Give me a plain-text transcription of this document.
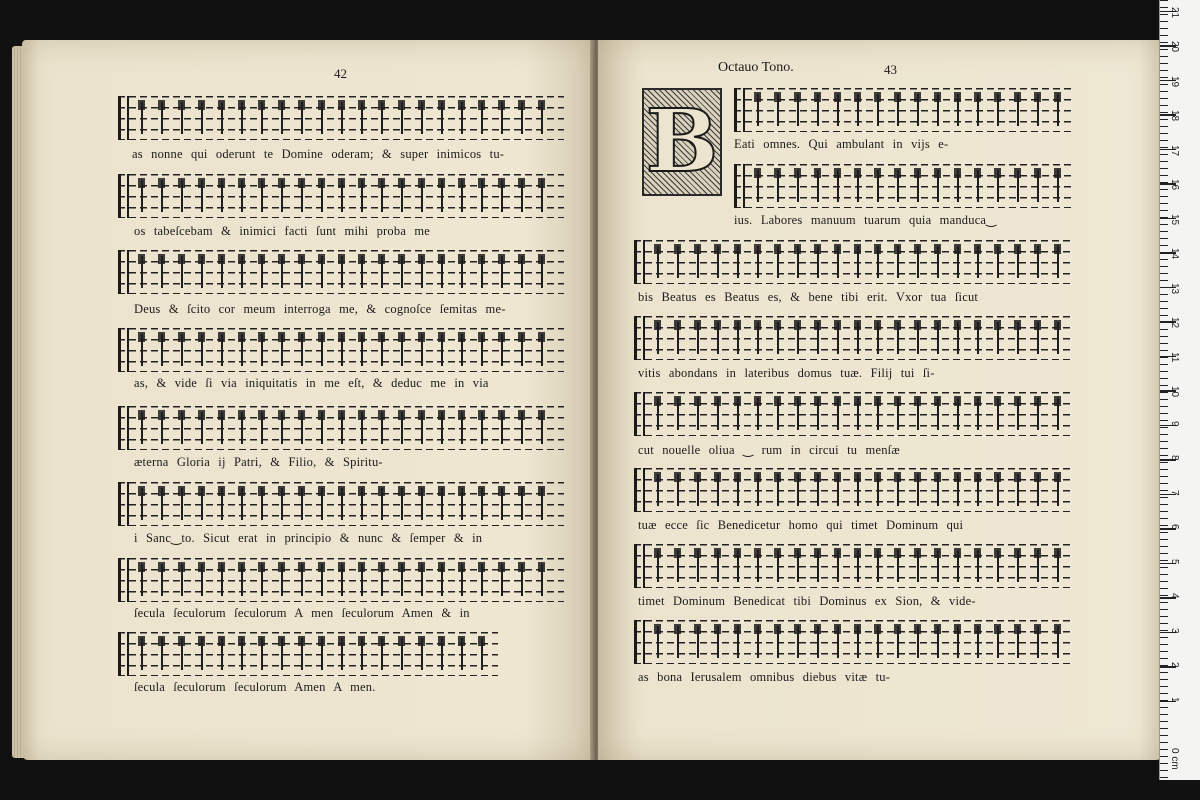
42
as nonne qui oderunt te Domine oderam; & super inimicos tu-
os tabeſcebam & inimici facti ſunt mihi proba me
Deus & ſcito cor meum interroga me, & cognoſce ſemitas me-
as, & vide ſi via iniquitatis in me eſt, & deduc me in via
æterna Gloria ij Patri, & Filio, & Spiritu-
i Sanc‿to. Sicut erat in principio & nunc & ſemper & in
ſecula ſeculorum ſeculorum A men ſeculorum Amen & in
ſecula ſeculorum ſeculorum Amen A men.
Octauo Tono.	43
B Eati omnes. Qui ambulant in vijs e-
ius. Labores manuum tuarum quia manduca‿
bis Beatus es Beatus es, & bene tibi erit. Vxor tua ſicut
vitis abondans in lateribus domus tuæ. Filij tui ſi-
cut nouelle oliua ‿ rum in circui tu menſæ
tuæ ecce ſic Benedicetur homo qui timet Dominum qui
timet Dominum Benedicat tibi Dominus ex Sion, & vide-
as bona Ierusalem omnibus diebus vitæ tu-
0 cm
1
2
3
4
5
6
7
8
9
10
11
12
13
14
15
16
17
18
19
20
21
